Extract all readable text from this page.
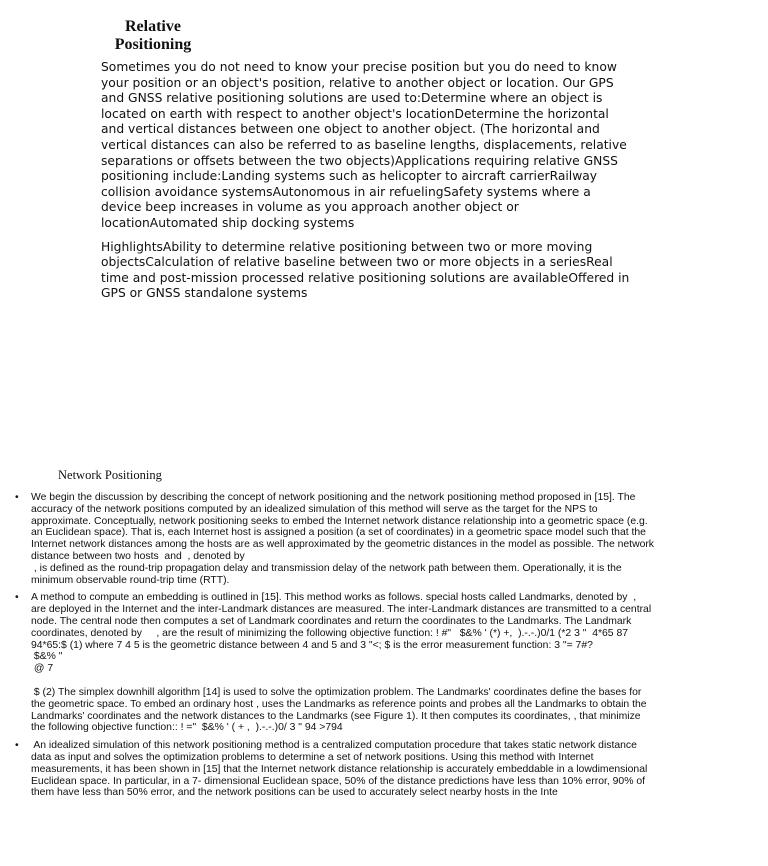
Relative
Positioning

Sometimes you do not need to know your precise position but you do need to know your position or an object's position, relative to another object or location. Our GPS and GNSS relative positioning solutions are used to:Determine where an object is located on earth with respect to another object's locationDetermine the horizontal and vertical distances between one object to another object. (The horizontal and vertical distances can also be referred to as baseline lengths, displacements, relative separations or offsets between the two objects)Applications requiring relative GNSS positioning include:Landing systems such as helicopter to aircraft carrierRailway collision avoidance systemsAutonomous in air refuelingSafety systems where a device beep increases in volume as you approach another object or locationAutomated ship docking systems

HighlightsAbility to determine relative positioning between two or more moving objectsCalculation of relative baseline between two or more objects in a seriesReal time and post-mission processed relative positioning solutions are availableOffered in GPS or GNSS standalone systems

Network Positioning
• We begin the discussion by describing the concept of network positioning and the network positioning method proposed in [15]. The
accuracy of the network positions computed by an idealized simulation of this method will serve as the target for the NPS to
approximate. Conceptually, network positioning seeks to embed the Internet network distance relationship into a geometric space (e.g.
an Euclidean space). That is, each Internet host is assigned a position (a set of coordinates) in a geometric space model such that the
Internet network distances among the hosts are as well approximated by the geometric distances in the model as possible. The network
distance between two hosts  and  , denoted by
, is defined as the round-trip propagation delay and transmission delay of the network path between them. Operationally, it is the
minimum observable round-trip time (RTT).
• A method to compute an embedding is outlined in [15]. This method works as follows. special hosts called Landmarks, denoted by  ,
are deployed in the Internet and the inter-Landmark distances are measured. The inter-Landmark distances are transmitted to a central
node. The central node then computes a set of Landmark coordinates and return the coordinates to the Landmarks. The Landmark
coordinates, denoted by     , are the result of minimizing the following objective function: ! #"   $&% ' (*) +,  ).-.-.)0/1 (*2 3 "  4*65 87
94*65:$ (1) where 7 4 5 is the geometric distance between 4 and 5 and 3 "<; $ is the error measurement function: 3 "= 7#?
$&% "
@ 7
$ (2) The simplex downhill algorithm [14] is used to solve the optimization problem. The Landmarks' coordinates define the bases for
the geometric space. To embed an ordinary host , uses the Landmarks as reference points and probes all the Landmarks to obtain the
Landmarks' coordinates and the network distances to the Landmarks (see Figure 1). It then computes its coordinates, , that minimize
the following objective function:: ! ="  $&% ' ( + ,  ).-.-.)0/ 3 " 94 >794
• An idealized simulation of this network positioning method is a centralized computation procedure that takes static network distance
data as input and solves the optimization problems to determine a set of network positions. Using this method with Internet
measurements, it has been shown in [15] that the Internet network distance relationship is accurately embeddable in a lowdimensional
Euclidean space. In particular, in a 7- dimensional Euclidean space, 50% of the distance predictions have less than 10% error, 90% of
them have less than 50% error, and the network positions can be used to accurately select nearby hosts in the Inte
